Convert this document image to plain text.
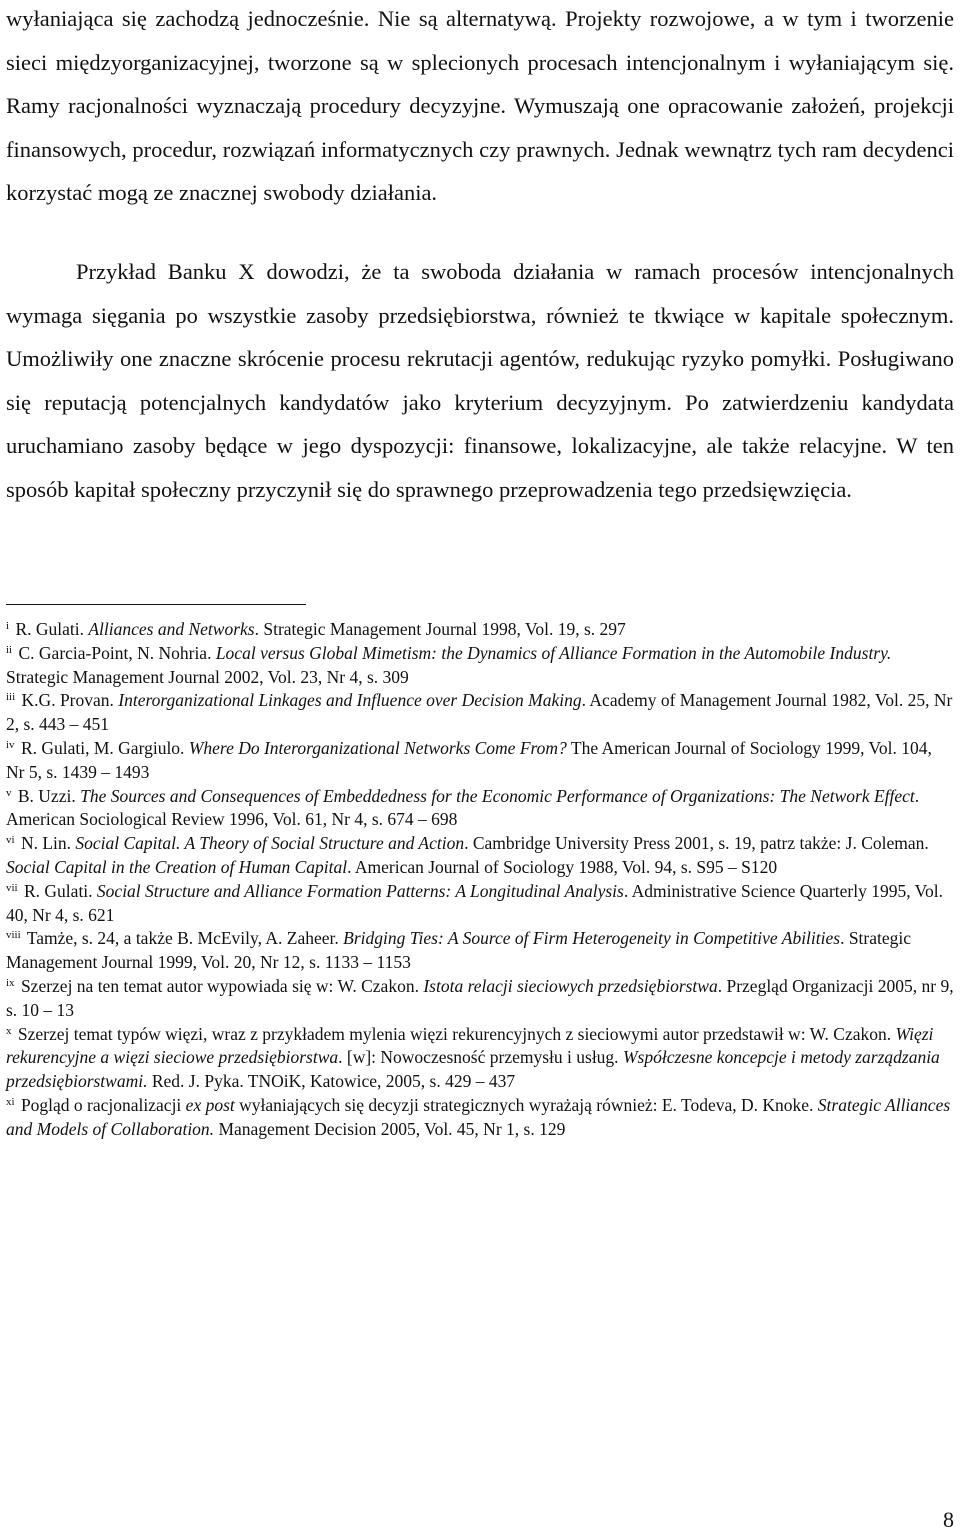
wyłaniająca się zachodzą jednocześnie. Nie są alternatywą. Projekty rozwojowe, a w tym i tworzenie sieci międzyorganizacyjnej, tworzone są w splecionych procesach intencjonalnym i wyłaniającym się. Ramy racjonalności wyznaczają procedury decyzyjne. Wymuszają one opracowanie założeń, projekcji finansowych, procedur, rozwiązań informatycznych czy prawnych. Jednak wewnątrz tych ram decydenci korzystać mogą ze znacznej swobody działania.

Przykład Banku X dowodzi, że ta swoboda działania w ramach procesów intencjonalnych wymaga sięgania po wszystkie zasoby przedsiębiorstwa, również te tkwiące w kapitale społecznym. Umożliwiły one znaczne skrócenie procesu rekrutacji agentów, redukując ryzyko pomyłki. Posługiwano się reputacją potencjalnych kandydatów jako kryterium decyzyjnym. Po zatwierdzeniu kandydata uruchamiano zasoby będące w jego dyspozycji: finansowe, lokalizacyjne, ale także relacyjne. W ten sposób kapitał społeczny przyczynił się do sprawnego przeprowadzenia tego przedsięwzięcia.

$^i$ R. Gulati. Alliances and Networks. Strategic Management Journal 1998, Vol. 19, s. 297
$^{ii}$ C. Garcia-Point, N. Nohria. Local versus Global Mimetism: the Dynamics of Alliance Formation in the Automobile Industry. Strategic Management Journal 2002, Vol. 23, Nr 4, s. 309
$^{iii}$ K.G. Provan. Interorganizational Linkages and Influence over Decision Making. Academy of Management Journal 1982, Vol. 25, Nr 2, s. 443 – 451
$^{iv}$ R. Gulati, M. Gargiulo. Where Do Interorganizational Networks Come From? The American Journal of Sociology 1999, Vol. 104, Nr 5, s. 1439 – 1493
$^v$ B. Uzzi. The Sources and Consequences of Embeddedness for the Economic Performance of Organizations: The Network Effect. American Sociological Review 1996, Vol. 61, Nr 4, s. 674 – 698
$^{vi}$ N. Lin. Social Capital. A Theory of Social Structure and Action. Cambridge University Press 2001, s. 19, patrz także: J. Coleman. Social Capital in the Creation of Human Capital. American Journal of Sociology 1988, Vol. 94, s. S95 – S120
$^{vii}$ R. Gulati. Social Structure and Alliance Formation Patterns: A Longitudinal Analysis. Administrative Science Quarterly 1995, Vol. 40, Nr 4, s. 621
$^{viii}$ Tamże, s. 24, a także B. McEvily, A. Zaheer. Bridging Ties: A Source of Firm Heterogeneity in Competitive Abilities. Strategic Management Journal 1999, Vol. 20, Nr 12, s. 1133 – 1153
$^{ix}$ Szerzej na ten temat autor wypowiada się w: W. Czakon. Istota relacji sieciowych przedsiębiorstwa. Przegląd Organizacji 2005, nr 9, s. 10 – 13
$^x$ Szerzej temat typów więzi, wraz z przykładem mylenia więzi rekurencyjnych z sieciowymi autor przedstawił w: W. Czakon. Więzi rekurencyjne a więzi sieciowe przedsiębiorstwa. [w]: Nowoczesność przemysłu i usług. Współczesne koncepcje i metody zarządzania przedsiębiorstwami. Red. J. Pyka. TNOiK, Katowice, 2005, s. 429 – 437
$^{xi}$ Pogląd o racjonalizacji ex post wyłaniających się decyzji strategicznych wyrażają również: E. Todeva, D. Knoke. Strategic Alliances and Models of Collaboration. Management Decision 2005, Vol. 45, Nr 1, s. 129
8
